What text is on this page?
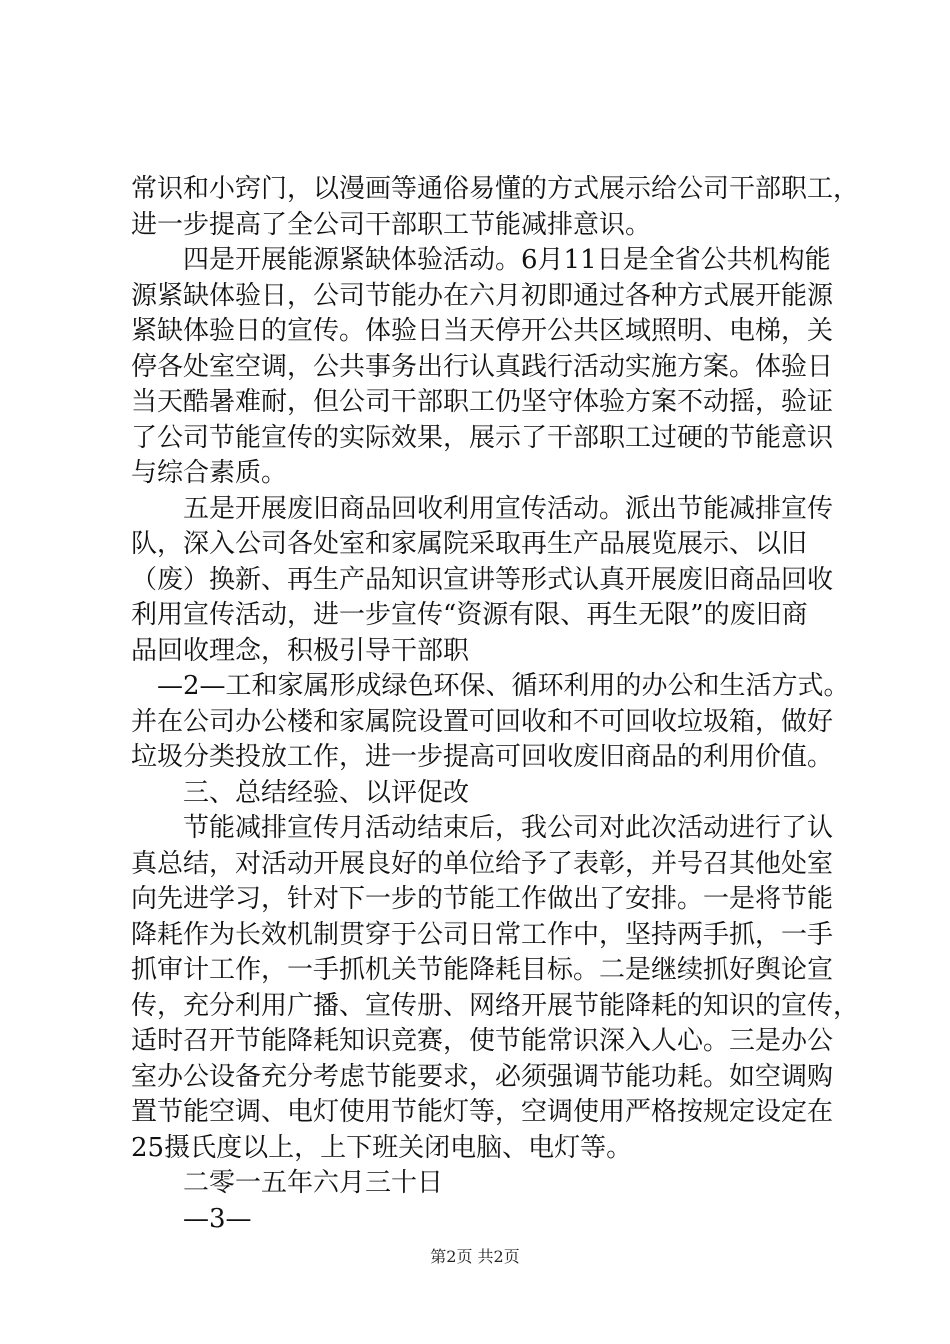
常识和小窍门，以漫画等通俗易懂的方式展示给公司干部职工，
进一步提高了全公司干部职工节能减排意识。
　　四是开展能源紧缺体验活动。6月11日是全省公共机构能
源紧缺体验日，公司节能办在六月初即通过各种方式展开能源
紧缺体验日的宣传。体验日当天停开公共区域照明、电梯，关
停各处室空调，公共事务出行认真践行活动实施方案。体验日
当天酷暑难耐，但公司干部职工仍坚守体验方案不动摇，验证
了公司节能宣传的实际效果，展示了干部职工过硬的节能意识
与综合素质。
　　五是开展废旧商品回收利用宣传活动。派出节能减排宣传
队，深入公司各处室和家属院采取再生产品展览展示、以旧
（废）换新、再生产品知识宣讲等形式认真开展废旧商品回收
利用宣传活动，进一步宣传“资源有限、再生无限”的废旧商
品回收理念，积极引导干部职
　—2—工和家属形成绿色环保、循环利用的办公和生活方式。
并在公司办公楼和家属院设置可回收和不可回收垃圾箱，做好
垃圾分类投放工作，进一步提高可回收废旧商品的利用价值。
　　三、总结经验、以评促改
　　节能减排宣传月活动结束后，我公司对此次活动进行了认
真总结，对活动开展良好的单位给予了表彰，并号召其他处室
向先进学习，针对下一步的节能工作做出了安排。一是将节能
降耗作为长效机制贯穿于公司日常工作中，坚持两手抓，一手
抓审计工作，一手抓机关节能降耗目标。二是继续抓好舆论宣
传，充分利用广播、宣传册、网络开展节能降耗的知识的宣传，
适时召开节能降耗知识竞赛，使节能常识深入人心。三是办公
室办公设备充分考虑节能要求，必须强调节能功耗。如空调购
置节能空调、电灯使用节能灯等，空调使用严格按规定设定在
25摄氏度以上，上下班关闭电脑、电灯等。
　　二零一五年六月三十日
　　—3—
第2页 共2页
